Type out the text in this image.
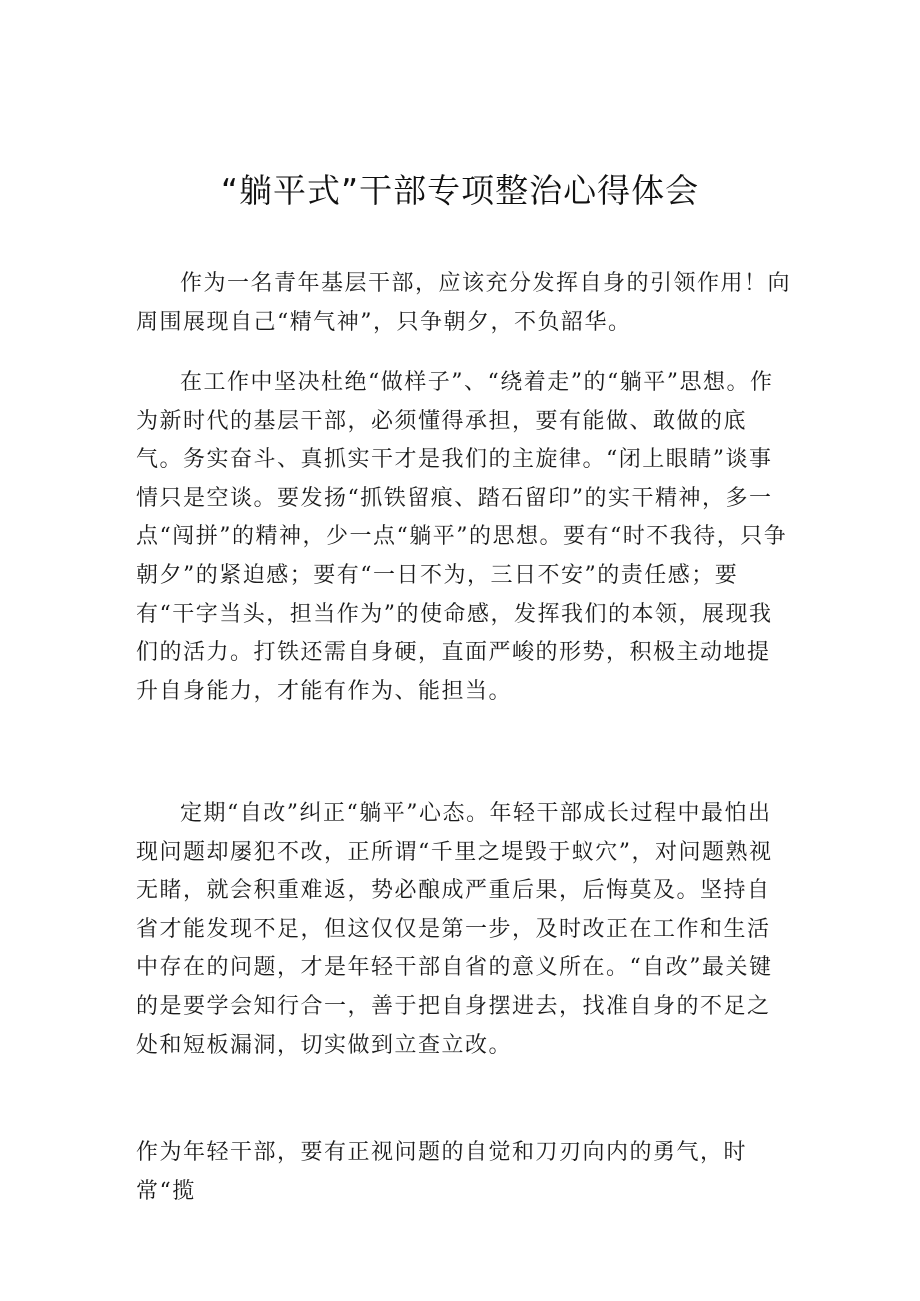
“躺平式”干部专项整治心得体会

作为一名青年基层干部，应该充分发挥自身的引领作用！向周围展现自己“精气神”，只争朝夕，不负韶华。

在工作中坚决杜绝“做样子”、“绕着走”的“躺平”思想。作为新时代的基层干部，必须懂得承担，要有能做、敢做的底气。务实奋斗、真抓实干才是我们的主旋律。“闭上眼睛”谈事情只是空谈。要发扬“抓铁留痕、踏石留印”的实干精神，多一点“闯拼”的精神，少一点“躺平”的思想。要有“时不我待，只争朝夕”的紧迫感；要有“一日不为，三日不安”的责任感；要有“干字当头，担当作为”的使命感，发挥我们的本领，展现我们的活力。打铁还需自身硬，直面严峻的形势，积极主动地提升自身能力，才能有作为、能担当。

定期“自改”纠正“躺平”心态。年轻干部成长过程中最怕出现问题却屡犯不改，正所谓“千里之堤毁于蚁穴”，对问题熟视无睹，就会积重难返，势必酿成严重后果，后悔莫及。坚持自省才能发现不足，但这仅仅是第一步，及时改正在工作和生活中存在的问题，才是年轻干部自省的意义所在。“自改”最关键的是要学会知行合一，善于把自身摆进去，找准自身的不足之处和短板漏洞，切实做到立查立改。

作为年轻干部，要有正视问题的自觉和刀刃向内的勇气，时常“揽
